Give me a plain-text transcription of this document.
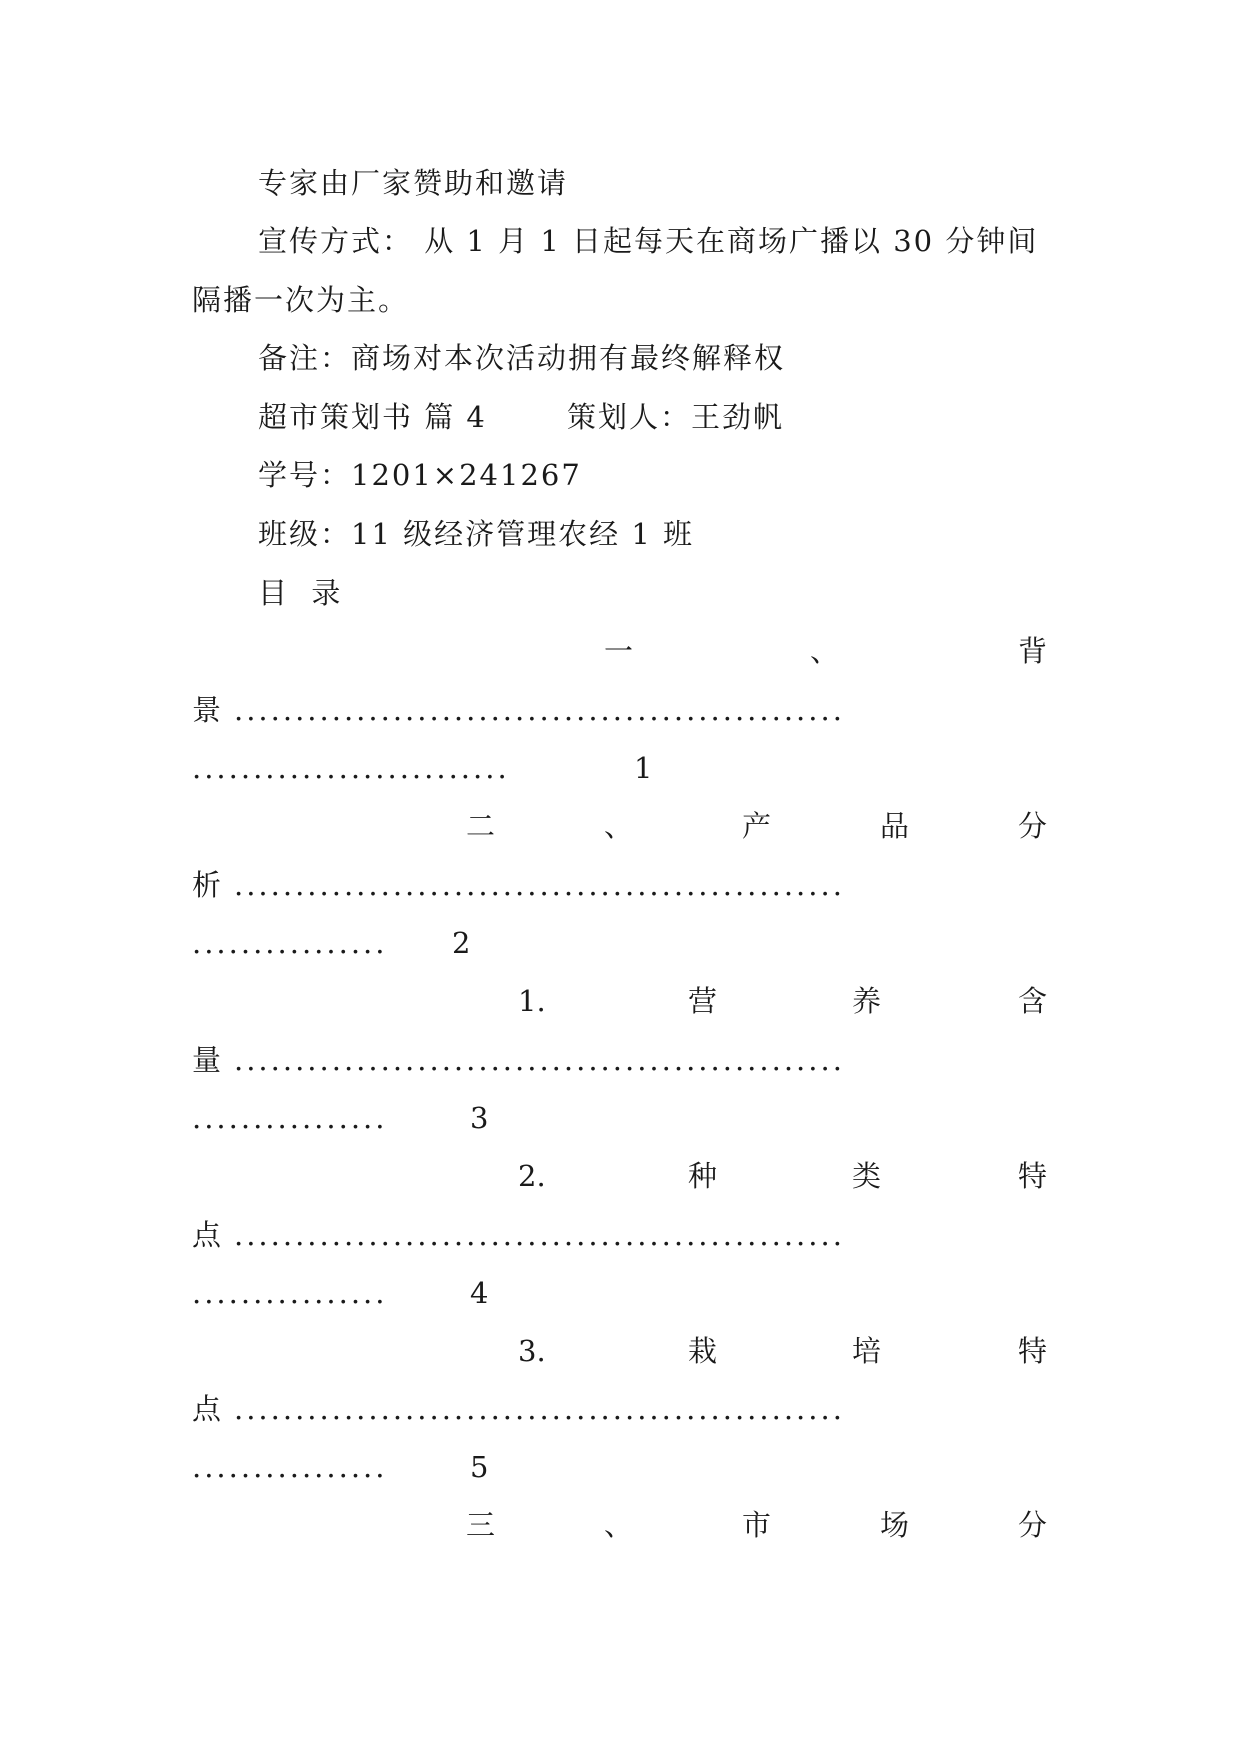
专家由厂家赞助和邀请
宣传方式： 从 1 月 1 日起每天在商场广播以 30 分钟间
隔播一次为主。
备注：商场对本次活动拥有最终解释权
超市策划书 篇 4	策划人：王劲帆
学号：1201×241267
班级：11 级经济管理农经 1 班
目  录
一	、	背
景 ..................................................
..........................	1
二	、	产	品	分
析 ..................................................
................	2
1.	营	养	含
量 ..................................................
................	3
2.	种	类	特
点 ..................................................
................	4
3.	栽	培	特
点 ..................................................
................	5
三	、	市	场	分
